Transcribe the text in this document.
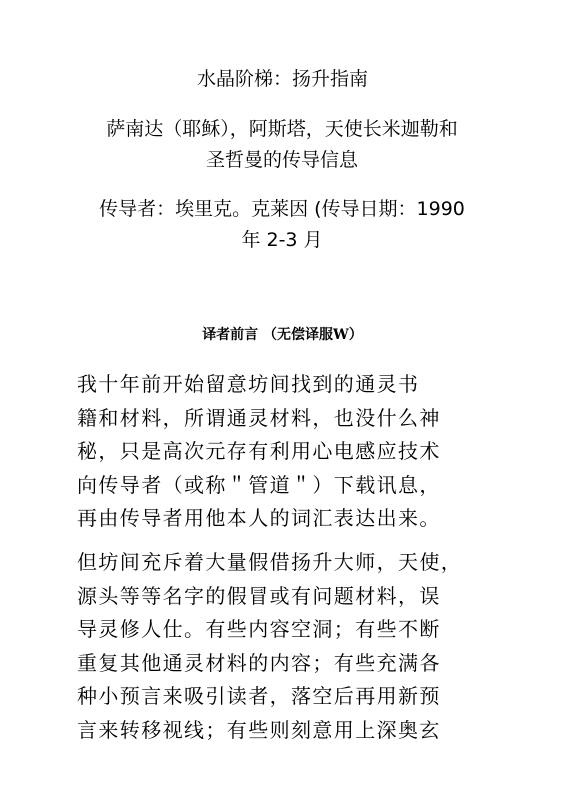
水晶阶梯：扬升指南
萨南达（耶稣），阿斯塔，天使长米迦勒和
圣哲曼的传导信息
传导者：埃里克。克莱因 (传导日期：1990
年 2-3 月
译者前言 （无偿译服W）
我十年前开始留意坊间找到的通灵书
籍和材料，所谓通灵材料，也没什么神
秘，只是高次元存有利用心电感应技术
向传导者（或称＂管道＂）下载讯息，
再由传导者用他本人的词汇表达出来。
但坊间充斥着大量假借扬升大师，天使，
源头等等名字的假冒或有问题材料，误
导灵修人仕。有些内容空洞；有些不断
重复其他通灵材料的内容；有些充满各
种小预言来吸引读者，落空后再用新预
言来转移视线；有些则刻意用上深奥玄
